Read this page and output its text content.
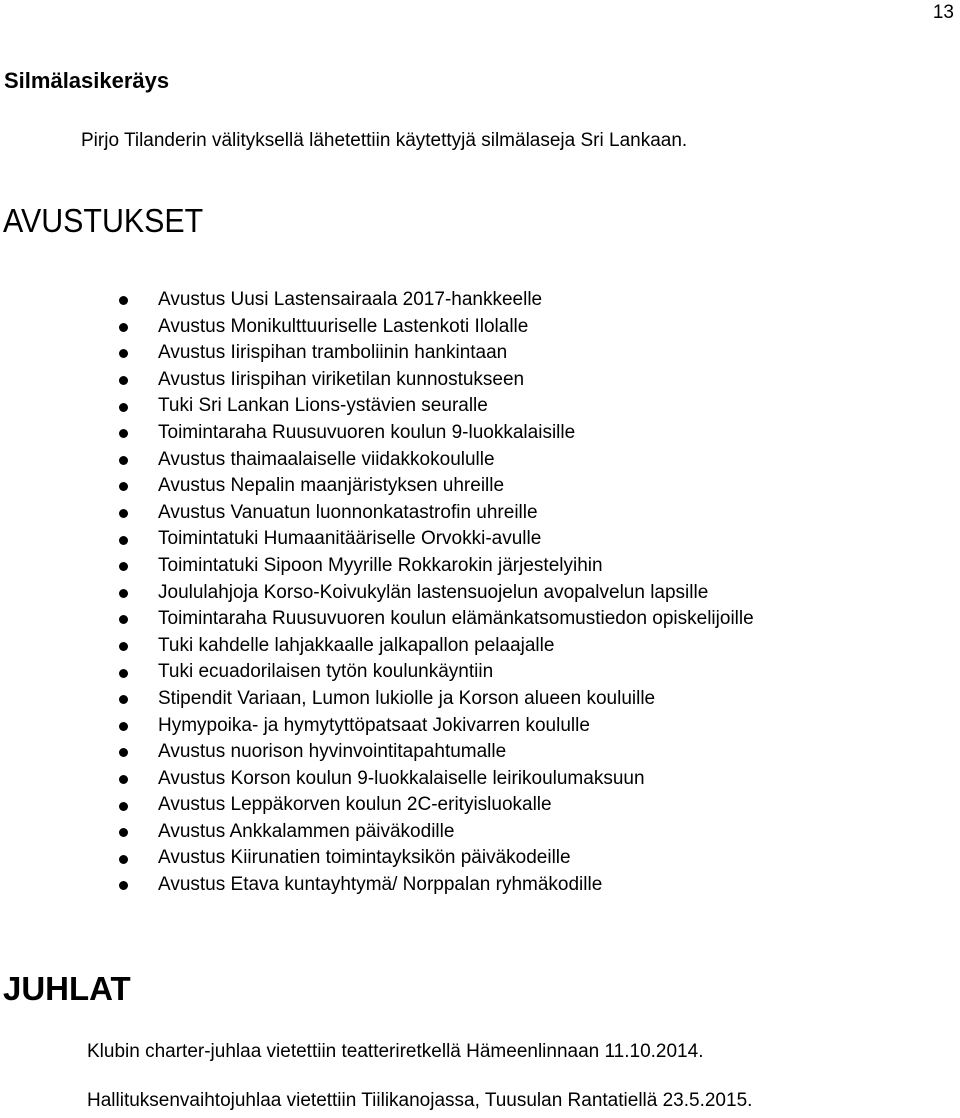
13
Silmälasikeräys

Pirjo Tilanderin välityksellä lähetettiin käytettyjä silmälaseja Sri Lankaan.

AVUSTUKSET
Avustus Uusi Lastensairaala 2017-hankkeelle
Avustus Monikulttuuriselle Lastenkoti Ilolalle
Avustus Iirispihan tramboliinin hankintaan
Avustus Iirispihan viriketilan kunnostukseen
Tuki Sri Lankan Lions-ystävien seuralle
Toimintaraha Ruusuvuoren koulun 9-luokkalaisille
Avustus thaimaalaiselle viidakkokoululle
Avustus Nepalin maanjäristyksen uhreille
Avustus Vanuatun luonnonkatastrofin uhreille
Toimintatuki Humaanitääriselle Orvokki-avulle
Toimintatuki Sipoon Myyrille Rokkarokin järjestelyihin
Joululahjoja Korso-Koivukylän lastensuojelun avopalvelun lapsille
Toimintaraha Ruusuvuoren koulun elämänkatsomustiedon opiskelijoille
Tuki kahdelle lahjakkaalle jalkapallon pelaajalle
Tuki ecuadorilaisen tytön koulunkäyntiin
Stipendit Variaan, Lumon lukiolle ja Korson alueen kouluille
Hymypoika- ja hymytyttöpatsaat Jokivarren koululle
Avustus nuorison hyvinvointitapahtumalle
Avustus Korson koulun 9-luokkalaiselle leirikoulumaksuun
Avustus Leppäkorven koulun 2C-erityisluokalle
Avustus Ankkalammen päiväkodille
Avustus Kiirunatien toimintayksikön päiväkodeille
Avustus Etava kuntayhtymä/ Norppalan ryhmäkodille
JUHLAT

Klubin charter-juhlaa vietettiin teatteriretkellä Hämeenlinnaan 11.10.2014.

Hallituksenvaihtojuhlaa vietettiin Tiilikanojassa, Tuusulan Rantatiellä 23.5.2015.
